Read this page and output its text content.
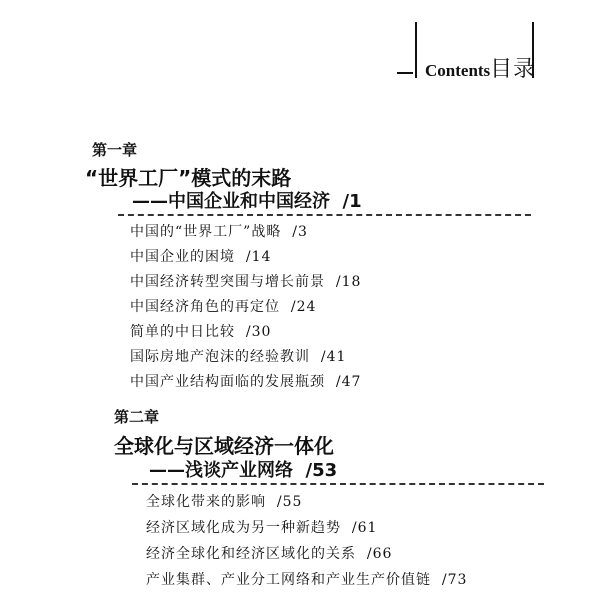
Contents目录
第一章
“世界工厂”模式的末路
——中国企业和中国经济 /1
中国的“世界工厂”战略 /3
中国企业的困境 /14
中国经济转型突围与增长前景 /18
中国经济角色的再定位 /24
简单的中日比较 /30
国际房地产泡沫的经验教训 /41
中国产业结构面临的发展瓶颈 /47
第二章
全球化与区域经济一体化
——浅谈产业网络 /53
全球化带来的影响 /55
经济区域化成为另一种新趋势 /61
经济全球化和经济区域化的关系 /66
产业集群、产业分工网络和产业生产价值链 /73
